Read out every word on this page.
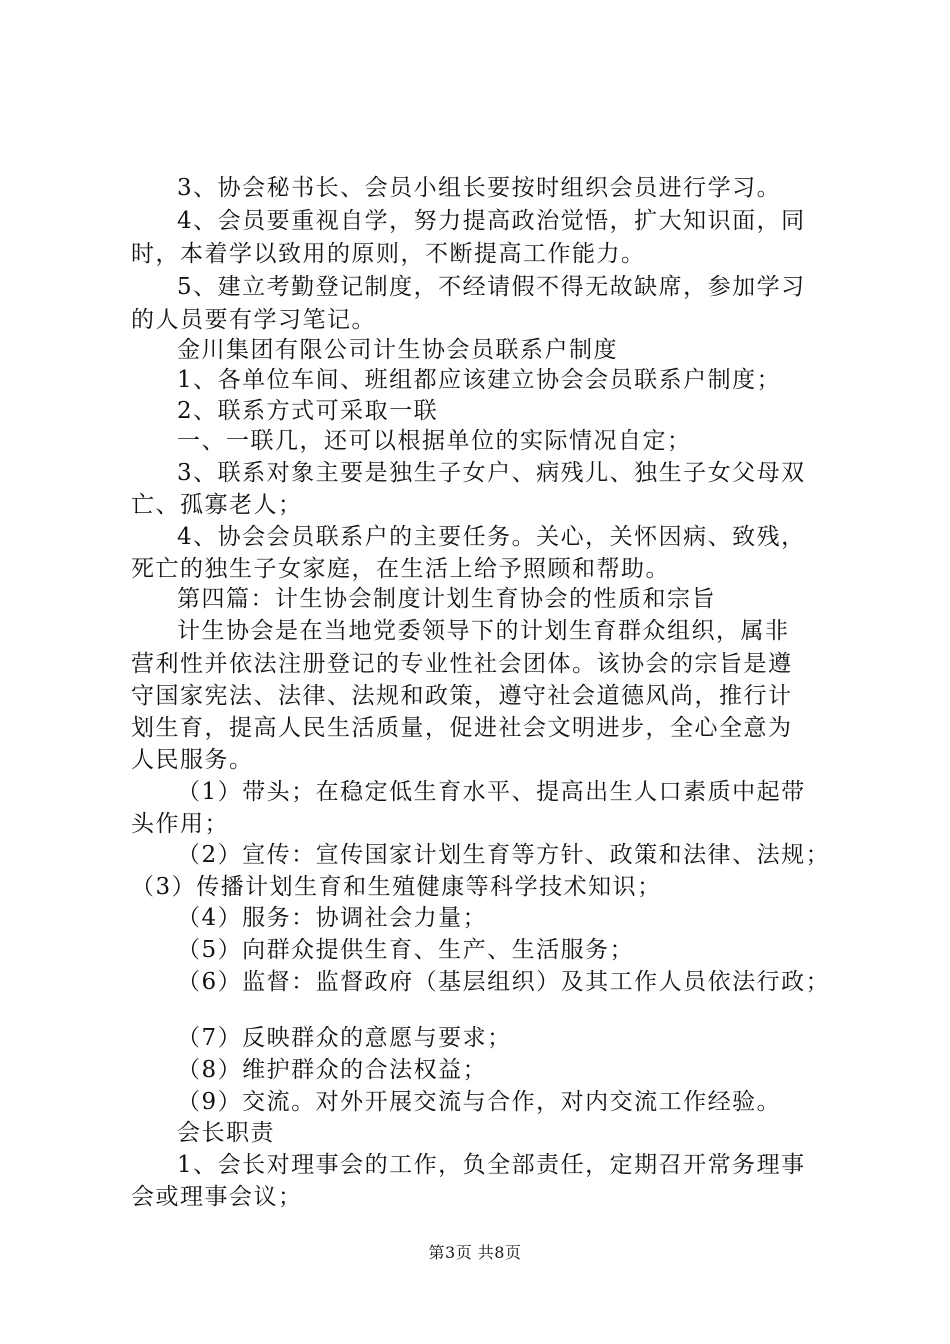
3、协会秘书长、会员小组长要按时组织会员进行学习。
4、会员要重视自学，努力提高政治觉悟，扩大知识面，同
时，本着学以致用的原则，不断提高工作能力。
5、建立考勤登记制度，不经请假不得无故缺席，参加学习
的人员要有学习笔记。
金川集团有限公司计生协会员联系户制度
1、各单位车间、班组都应该建立协会会员联系户制度；
2、联系方式可采取一联
一、一联几，还可以根据单位的实际情况自定；
3、联系对象主要是独生子女户、病残儿、独生子女父母双
亡、孤寡老人；
4、协会会员联系户的主要任务。关心，关怀因病、致残，
死亡的独生子女家庭，在生活上给予照顾和帮助。
第四篇：计生协会制度计划生育协会的性质和宗旨
计生协会是在当地党委领导下的计划生育群众组织，属非
营利性并依法注册登记的专业性社会团体。该协会的宗旨是遵
守国家宪法、法律、法规和政策，遵守社会道德风尚，推行计
划生育，提高人民生活质量，促进社会文明进步，全心全意为
人民服务。
（1）带头；在稳定低生育水平、提高出生人口素质中起带
头作用；
（2）宣传：宣传国家计划生育等方针、政策和法律、法规；
（3）传播计划生育和生殖健康等科学技术知识；
（4）服务：协调社会力量；
（5）向群众提供生育、生产、生活服务；
（6）监督：监督政府（基层组织）及其工作人员依法行政；
（7）反映群众的意愿与要求；
（8）维护群众的合法权益；
（9）交流。对外开展交流与合作，对内交流工作经验。
会长职责
1、会长对理事会的工作，负全部责任，定期召开常务理事
会或理事会议；
第3页 共8页
